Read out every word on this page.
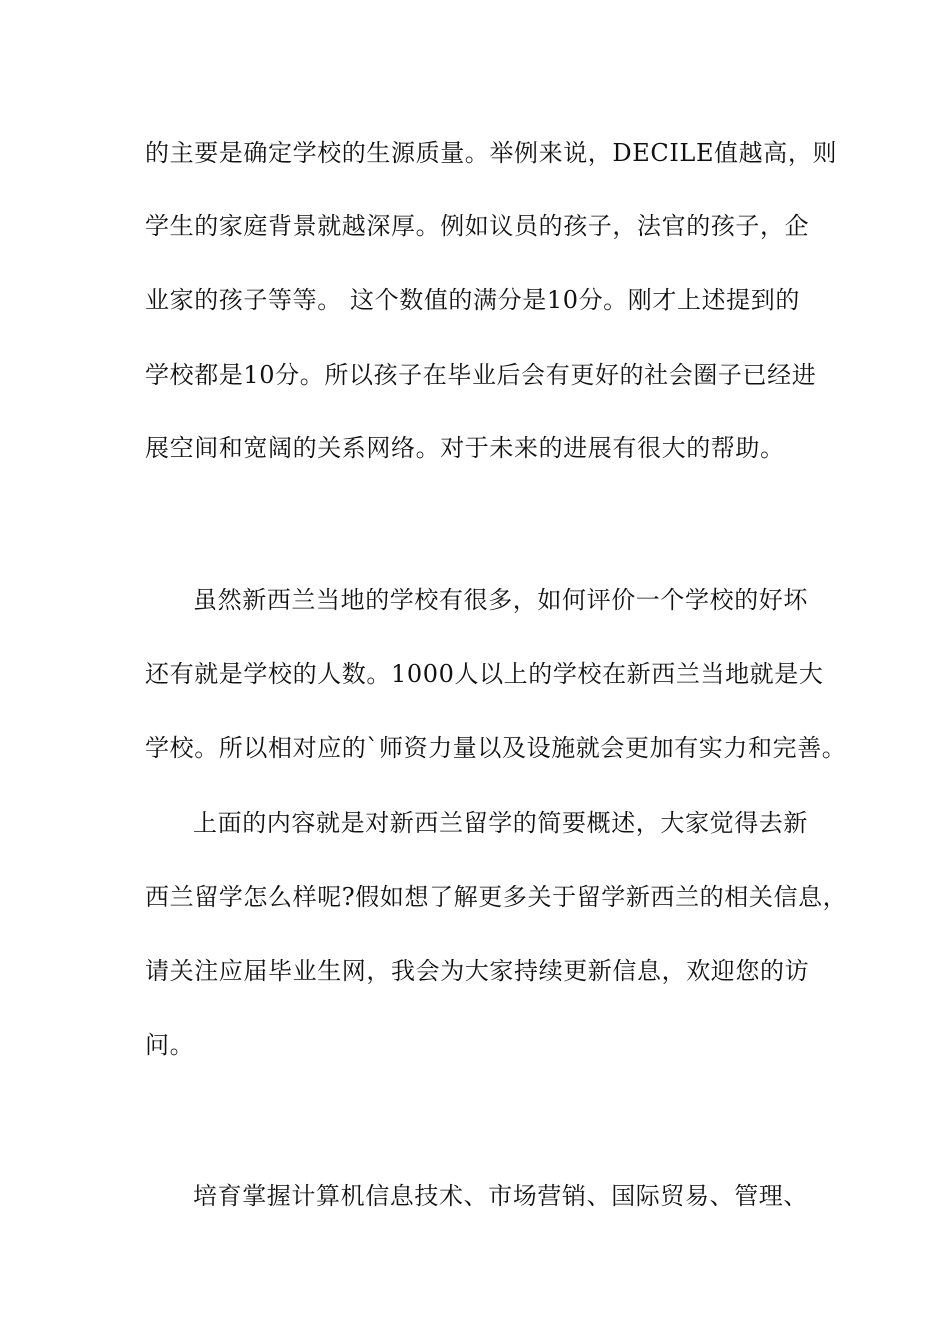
的主要是确定学校的生源质量。举例来说，DECILE值越高，则
学生的家庭背景就越深厚。例如议员的孩子，法官的孩子，企
业家的孩子等等。 这个数值的满分是10分。刚才上述提到的
学校都是10分。所以孩子在毕业后会有更好的社会圈子已经进
展空间和宽阔的关系网络。对于未来的进展有很大的帮助。
虽然新西兰当地的学校有很多，如何评价一个学校的好坏
还有就是学校的人数。1000人以上的学校在新西兰当地就是大
学校。所以相对应的`师资力量以及设施就会更加有实力和完善。
上面的内容就是对新西兰留学的简要概述，大家觉得去新
西兰留学怎么样呢?假如想了解更多关于留学新西兰的相关信息，
请关注应届毕业生网，我会为大家持续更新信息，欢迎您的访
问。
培育掌握计算机信息技术、市场营销、国际贸易、管理、
